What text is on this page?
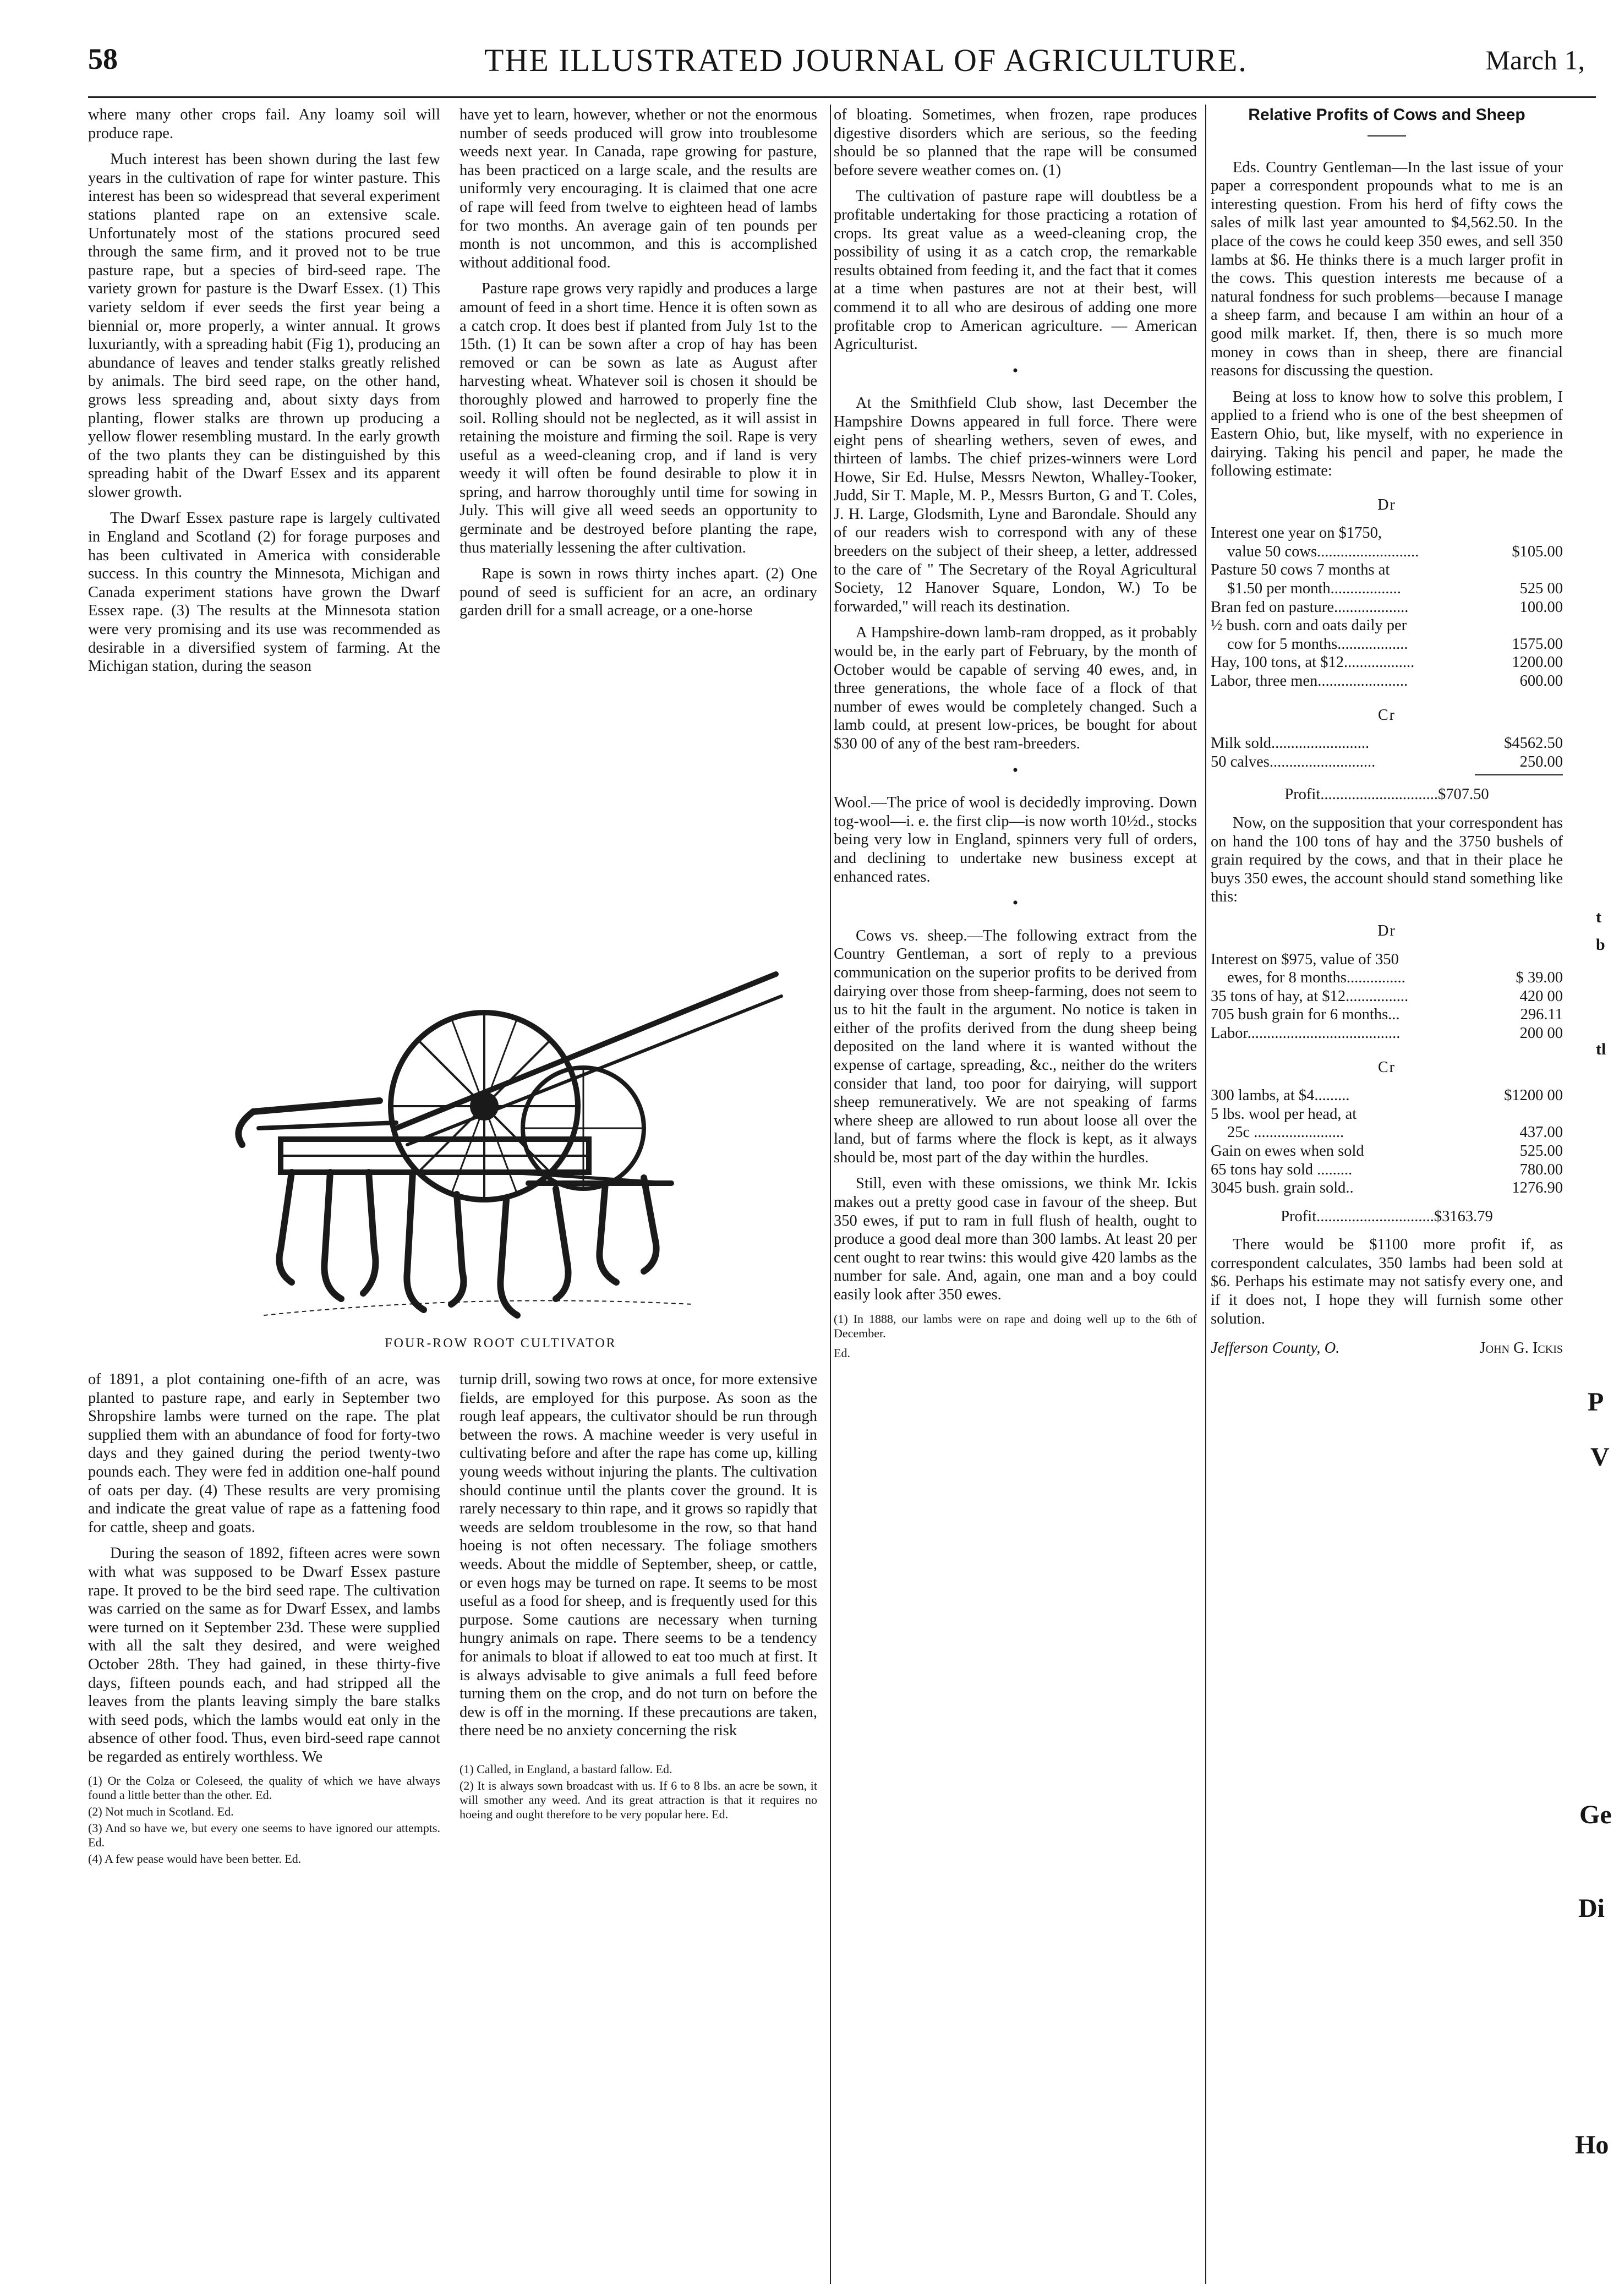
58	THE ILLUSTRATED JOURNAL OF AGRICULTURE.	March 1,

where many other crops fail. Any loamy soil will produce rape.

Much interest has been shown during the last few years in the cultivation of rape for winter pasture. This interest has been so widespread that several experiment stations planted rape on an extensive scale. Unfortunately most of the stations procured seed through the same firm, and it proved not to be true pasture rape, but a species of bird-seed rape. The variety grown for pasture is the Dwarf Essex. (1) This variety seldom if ever seeds the first year being a biennial or, more properly, a winter annual. It grows luxuriantly, with a spreading habit (Fig 1), producing an abundance of leaves and tender stalks greatly relished by animals. The bird seed rape, on the other hand, grows less spreading and, about sixty days from planting, flower stalks are thrown up producing a yellow flower resembling mustard. In the early growth of the two plants they can be distinguished by this spreading habit of the Dwarf Essex and its apparent slower growth.

The Dwarf Essex pasture rape is largely cultivated in England and Scotland (2) for forage purposes and has been cultivated in America with considerable success. In this country the Minnesota, Michigan and Canada experiment stations have grown the Dwarf Essex rape. (3) The results at the Minnesota station were very promising and its use was recommended as desirable in a diversified system of farming. At the Michigan station, during the season

have yet to learn, however, whether or not the enormous number of seeds produced will grow into troublesome weeds next year. In Canada, rape growing for pasture, has been practiced on a large scale, and the results are uniformly very encouraging. It is claimed that one acre of rape will feed from twelve to eighteen head of lambs for two months. An average gain of ten pounds per month is not uncommon, and this is accomplished without additional food.

Pasture rape grows very rapidly and produces a large amount of feed in a short time. Hence it is often sown as a catch crop. It does best if planted from July 1st to the 15th. (1) It can be sown after a crop of hay has been removed or can be sown as late as August after harvesting wheat. Whatever soil is chosen it should be thoroughly plowed and harrowed to properly fine the soil. Rolling should not be neglected, as it will assist in retaining the moisture and firming the soil. Rape is very useful as a weed-cleaning crop, and if land is very weedy it will often be found desirable to plow it in spring, and harrow thoroughly until time for sowing in July. This will give all weed seeds an opportunity to germinate and be destroyed before planting the rape, thus materially lessening the after cultivation.

Rape is sown in rows thirty inches apart. (2) One pound of seed is sufficient for an acre, an ordinary garden drill for a small acreage, or a one-horse

FOUR-ROW ROOT CULTIVATOR

of 1891, a plot containing one-fifth of an acre, was planted to pasture rape, and early in September two Shropshire lambs were turned on the rape. The plat supplied them with an abundance of food for forty-two days and they gained during the period twenty-two pounds each. They were fed in addition one-half pound of oats per day. (4) These results are very promising and indicate the great value of rape as a fattening food for cattle, sheep and goats.

During the season of 1892, fifteen acres were sown with what was supposed to be Dwarf Essex pasture rape. It proved to be the bird seed rape. The cultivation was carried on the same as for Dwarf Essex, and lambs were turned on it September 23d. These were supplied with all the salt they desired, and were weighed October 28th. They had gained, in these thirty-five days, fifteen pounds each, and had stripped all the leaves from the plants leaving simply the bare stalks with seed pods, which the lambs would eat only in the absence of other food. Thus, even bird-seed rape cannot be regarded as entirely worthless. We

(1) Or the Colza or Coleseed, the quality of which we have always found a little better than the other. Ed.

(2) Not much in Scotland. Ed.

(3) And so have we, but every one seems to have ignored our attempts. Ed.

(4) A few pease would have been better. Ed.

turnip drill, sowing two rows at once, for more extensive fields, are employed for this purpose. As soon as the rough leaf appears, the cultivator should be run through between the rows. A machine weeder is very useful in cultivating before and after the rape has come up, killing young weeds without injuring the plants. The cultivation should continue until the plants cover the ground. It is rarely necessary to thin rape, and it grows so rapidly that weeds are seldom troublesome in the row, so that hand hoeing is not often necessary. The foliage smothers weeds. About the middle of September, sheep, or cattle, or even hogs may be turned on rape. It seems to be most useful as a food for sheep, and is frequently used for this purpose. Some cautions are necessary when turning hungry animals on rape. There seems to be a tendency for animals to bloat if allowed to eat too much at first. It is always advisable to give animals a full feed before turning them on the crop, and do not turn on before the dew is off in the morning. If these precautions are taken, there need be no anxiety concerning the risk

(1) Called, in England, a bastard fallow. Ed.

(2) It is always sown broadcast with us. If 6 to 8 lbs. an acre be sown, it will smother any weed. And its great attraction is that it requires no hoeing and ought therefore to be very popular here. Ed.

of bloating. Sometimes, when frozen, rape produces digestive disorders which are serious, so the feeding should be so planned that the rape will be consumed before severe weather comes on. (1)

The cultivation of pasture rape will doubtless be a profitable undertaking for those practicing a rotation of crops. Its great value as a weed-cleaning crop, the possibility of using it as a catch crop, the remarkable results obtained from feeding it, and the fact that it comes at a time when pastures are not at their best, will commend it to all who are desirous of adding one more profitable crop to American agriculture. — American Agriculturist.

•

At the Smithfield Club show, last December the Hampshire Downs appeared in full force. There were eight pens of shearling wethers, seven of ewes, and thirteen of lambs. The chief prizes-winners were Lord Howe, Sir Ed. Hulse, Messrs Newton, Whalley-Tooker, Judd, Sir T. Maple, M. P., Messrs Burton, G and T. Coles, J. H. Large, Glodsmith, Lyne and Barondale. Should any of our readers wish to correspond with any of these breeders on the subject of their sheep, a letter, addressed to the care of " The Secretary of the Royal Agricultural Society, 12 Hanover Square, London, W.) To be forwarded," will reach its destination.

A Hampshire-down lamb-ram dropped, as it probably would be, in the early part of February, by the month of October would be capable of serving 40 ewes, and, in three generations, the whole face of a flock of that number of ewes would be completely changed. Such a lamb could, at present low-prices, be bought for about $30 00 of any of the best ram-breeders.

•

Wool.—The price of wool is decidedly improving. Down tog-wool—i. e. the first clip—is now worth 10½d., stocks being very low in England, spinners very full of orders, and declining to undertake new business except at enhanced rates.

•

Cows vs. sheep.—The following extract from the Country Gentleman, a sort of reply to a previous communication on the superior profits to be derived from dairying over those from sheep-farming, does not seem to us to hit the fault in the argument. No notice is taken in either of the profits derived from the dung sheep being deposited on the land where it is wanted without the expense of cartage, spreading, &c., neither do the writers consider that land, too poor for dairying, will support sheep remuneratively. We are not speaking of farms where sheep are allowed to run about loose all over the land, but of farms where the flock is kept, as it always should be, most part of the day within the hurdles.

Still, even with these omissions, we think Mr. Ickis makes out a pretty good case in favour of the sheep. But 350 ewes, if put to ram in full flush of health, ought to produce a good deal more than 300 lambs. At least 20 per cent ought to rear twins: this would give 420 lambs as the number for sale. And, again, one man and a boy could easily look after 350 ewes.

(1) In 1888, our lambs were on rape and doing well up to the 6th of December.

Ed.

Relative Profits of Cows and Sheep

Eds. Country Gentleman—In the last issue of your paper a correspondent propounds what to me is an interesting question. From his herd of fifty cows the sales of milk last year amounted to $4,562.50. In the place of the cows he could keep 350 ewes, and sell 350 lambs at $6. He thinks there is a much larger profit in the cows. This question interests me because of a natural fondness for such problems—because I manage a sheep farm, and because I am within an hour of a good milk market. If, then, there is so much more money in cows than in sheep, there are financial reasons for discussing the question.

Being at loss to know how to solve this problem, I applied to a friend who is one of the best sheepmen of Eastern Ohio, but, like myself, with no experience in dairying. Taking his pencil and paper, he made the following estimate:

Dr
Interest one year on $1750,
value 50 cows..........................	$105.00
Pasture 50 cows 7 months at
$1.50 per month..................	525 00
Bran fed on pasture...................	100.00
½ bush. corn and oats daily per
cow for 5 months..................	1575.00
Hay, 100 tons, at $12..................	1200.00
Labor, three men.......................	600.00
Cr
Milk sold.........................	$4562.50
50 calves...........................	250.00
Profit..............................$707.50

Now, on the supposition that your correspondent has on hand the 100 tons of hay and the 3750 bushels of grain required by the cows, and that in their place he buys 350 ewes, the account should stand something like this:

Dr
Interest on $975, value of 350
ewes, for 8 months...............	$ 39.00
35 tons of hay, at $12................	420 00
705 bush grain for 6 months...	296.11
Labor.......................................	200 00
Cr
300 lambs, at $4.........	$1200 00
5 lbs. wool per head, at
25c .......................	437.00
Gain on ewes when sold	525.00
65 tons hay sold .........	780.00
3045 bush. grain sold..	1276.90
Profit..............................$3163.79

There would be $1100 more profit if, as correspondent calculates, 350 lambs had been sold at $6. Perhaps his estimate may not satisfy every one, and if it does not, I hope they will furnish some other solution.

Jefferson County, O.	John G. Ickis
t
b
tl
P
V
Ge
Di
Ho
